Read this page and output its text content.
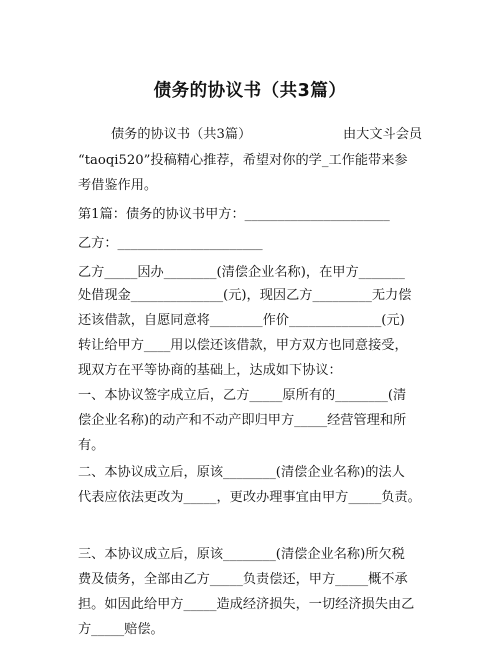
债务的协议书（共3篇）
债务的协议书（共3篇）	由大文斗会员
“taoqi520”投稿精心推荐，希望对你的学_工作能带来参
考借鉴作用。
第1篇：债务的协议书甲方：______________________
乙方：______________________
乙方_____因办________(清偿企业名称)，在甲方_______
处借现金______________(元)，现因乙方_________无力偿
还该借款，自愿同意将________作价______________(元)
转让给甲方____用以偿还该借款，甲方双方也同意接受，
现双方在平等协商的基础上，达成如下协议：
一、本协议签字成立后，乙方_____原所有的________(清
偿企业名称)的动产和不动产即归甲方_____经营管理和所
有。
二、本协议成立后，原该________(清偿企业名称)的法人
代表应依法更改为_____，更改办理事宜由甲方_____负责。
三、本协议成立后，原该________(清偿企业名称)所欠税
费及债务，全部由乙方_____负责偿还，甲方_____概不承
担。如因此给甲方_____造成经济损失，一切经济损失由乙
方_____赔偿。
